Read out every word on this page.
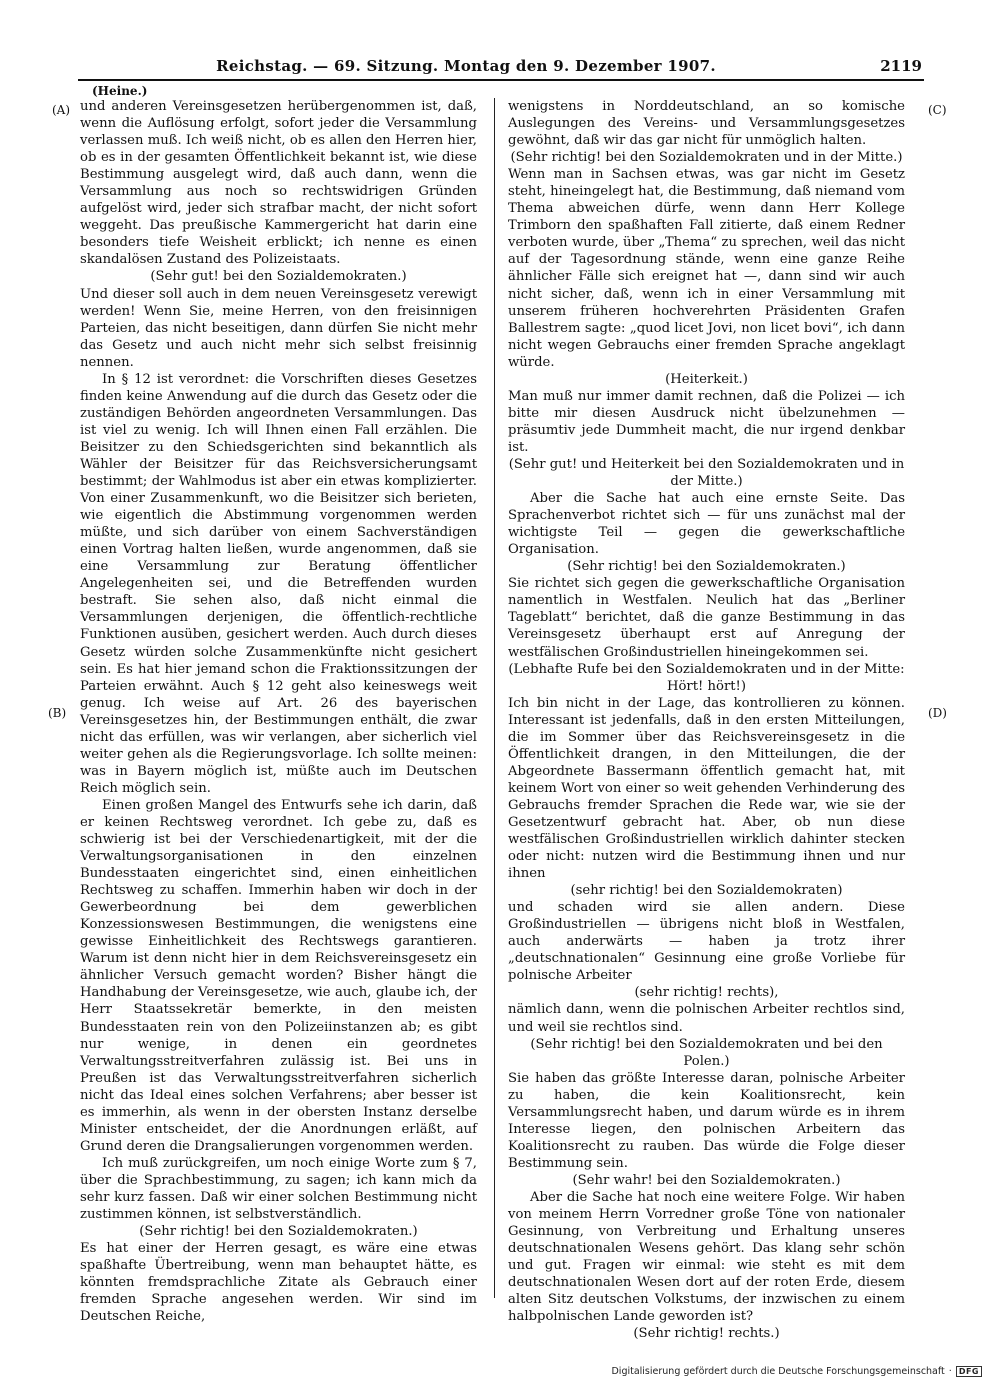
Reichstag. — 69. Sitzung. Montag den 9. Dezember 1907.	2119
(Heine.)
(A)
(B)
(C)
(D)

und anderen Vereinsgesetzen herübergenommen ist, daß, wenn die Auflösung erfolgt, sofort jeder die Versammlung verlassen muß. Ich weiß nicht, ob es allen den Herren hier, ob es in der gesamten Öffentlichkeit bekannt ist, wie diese Bestimmung ausgelegt wird, daß auch dann, wenn die Versammlung aus noch so rechtswidrigen Gründen aufgelöst wird, jeder sich strafbar macht, der nicht sofort weggeht. Das preußische Kammergericht hat darin eine besonders tiefe Weisheit erblickt; ich nenne es einen skandalösen Zustand des Polizeistaats.

(Sehr gut! bei den Sozialdemokraten.)

Und dieser soll auch in dem neuen Vereinsgesetz verewigt werden! Wenn Sie, meine Herren, von den freisinnigen Parteien, das nicht beseitigen, dann dürfen Sie nicht mehr das Gesetz und auch nicht mehr sich selbst freisinnig nennen.

In § 12 ist verordnet: die Vorschriften dieses Gesetzes finden keine Anwendung auf die durch das Gesetz oder die zuständigen Behörden angeordneten Versammlungen. Das ist viel zu wenig. Ich will Ihnen einen Fall erzählen. Die Beisitzer zu den Schiedsgerichten sind bekanntlich als Wähler der Beisitzer für das Reichsversicherungsamt bestimmt; der Wahlmodus ist aber ein etwas komplizierter. Von einer Zusammenkunft, wo die Beisitzer sich berieten, wie eigentlich die Abstimmung vorgenommen werden müßte, und sich darüber von einem Sachverständigen einen Vortrag halten ließen, wurde angenommen, daß sie eine Versammlung zur Beratung öffentlicher Angelegenheiten sei, und die Betreffenden wurden bestraft. Sie sehen also, daß nicht einmal die Versammlungen derjenigen, die öffentlich-rechtliche Funktionen ausüben, gesichert werden. Auch durch dieses Gesetz würden solche Zusammenkünfte nicht gesichert sein. Es hat hier jemand schon die Fraktionssitzungen der Parteien erwähnt. Auch § 12 geht also keineswegs weit genug. Ich weise auf Art. 26 des bayerischen Vereinsgesetzes hin, der Bestimmungen enthält, die zwar nicht das erfüllen, was wir verlangen, aber sicherlich viel weiter gehen als die Regierungsvorlage. Ich sollte meinen: was in Bayern möglich ist, müßte auch im Deutschen Reich möglich sein.

Einen großen Mangel des Entwurfs sehe ich darin, daß er keinen Rechtsweg verordnet. Ich gebe zu, daß es schwierig ist bei der Verschiedenartigkeit, mit der die Verwaltungsorganisationen in den einzelnen Bundesstaaten eingerichtet sind, einen einheitlichen Rechtsweg zu schaffen. Immerhin haben wir doch in der Gewerbeordnung bei dem gewerblichen Konzessionswesen Bestimmungen, die wenigstens eine gewisse Einheitlichkeit des Rechtswegs garantieren. Warum ist denn nicht hier in dem Reichsvereinsgesetz ein ähnlicher Versuch gemacht worden? Bisher hängt die Handhabung der Vereinsgesetze, wie auch, glaube ich, der Herr Staatssekretär bemerkte, in den meisten Bundesstaaten rein von den Polizeiinstanzen ab; es gibt nur wenige, in denen ein geordnetes Verwaltungsstreitverfahren zulässig ist. Bei uns in Preußen ist das Verwaltungsstreitverfahren sicherlich nicht das Ideal eines solchen Verfahrens; aber besser ist es immerhin, als wenn in der obersten Instanz derselbe Minister entscheidet, der die Anordnungen erläßt, auf Grund deren die Drangsalierungen vorgenommen werden.

Ich muß zurückgreifen, um noch einige Worte zum § 7, über die Sprachbestimmung, zu sagen; ich kann mich da sehr kurz fassen. Daß wir einer solchen Bestimmung nicht zustimmen können, ist selbstverständlich.

(Sehr richtig! bei den Sozialdemokraten.)

Es hat einer der Herren gesagt, es wäre eine etwas spaßhafte Übertreibung, wenn man behauptet hätte, es könnten fremdsprachliche Zitate als Gebrauch einer fremden Sprache angesehen werden. Wir sind im Deutschen Reiche,

wenigstens in Norddeutschland, an so komische Auslegungen des Vereins- und Versammlungsgesetzes gewöhnt, daß wir das gar nicht für unmöglich halten.

(Sehr richtig! bei den Sozialdemokraten und in der Mitte.)

Wenn man in Sachsen etwas, was gar nicht im Gesetz steht, hineingelegt hat, die Bestimmung, daß niemand vom Thema abweichen dürfe, wenn dann Herr Kollege Trimborn den spaßhaften Fall zitierte, daß einem Redner verboten wurde, über „Thema“ zu sprechen, weil das nicht auf der Tagesordnung stände, wenn eine ganze Reihe ähnlicher Fälle sich ereignet hat —, dann sind wir auch nicht sicher, daß, wenn ich in einer Versammlung mit unserem früheren hochverehrten Präsidenten Grafen Ballestrem sagte: „quod licet Jovi, non licet bovi“, ich dann nicht wegen Gebrauchs einer fremden Sprache angeklagt würde.

(Heiterkeit.)

Man muß nur immer damit rechnen, daß die Polizei — ich bitte mir diesen Ausdruck nicht übelzunehmen — präsumtiv jede Dummheit macht, die nur irgend denkbar ist.

(Sehr gut! und Heiterkeit bei den Sozialdemokraten und in der Mitte.)

Aber die Sache hat auch eine ernste Seite. Das Sprachenverbot richtet sich — für uns zunächst mal der wichtigste Teil — gegen die gewerkschaftliche Organisation.

(Sehr richtig! bei den Sozialdemokraten.)

Sie richtet sich gegen die gewerkschaftliche Organisation namentlich in Westfalen. Neulich hat das „Berliner Tageblatt“ berichtet, daß die ganze Bestimmung in das Vereinsgesetz überhaupt erst auf Anregung der westfälischen Großindustriellen hineingekommen sei.

(Lebhafte Rufe bei den Sozialdemokraten und in der Mitte: Hört! hört!)

Ich bin nicht in der Lage, das kontrollieren zu können. Interessant ist jedenfalls, daß in den ersten Mitteilungen, die im Sommer über das Reichsvereinsgesetz in die Öffentlichkeit drangen, in den Mitteilungen, die der Abgeordnete Bassermann öffentlich gemacht hat, mit keinem Wort von einer so weit gehenden Verhinderung des Gebrauchs fremder Sprachen die Rede war, wie sie der Gesetzentwurf gebracht hat. Aber, ob nun diese westfälischen Großindustriellen wirklich dahinter stecken oder nicht: nutzen wird die Bestimmung ihnen und nur ihnen

(sehr richtig! bei den Sozialdemokraten)

und schaden wird sie allen andern. Diese Großindustriellen — übrigens nicht bloß in Westfalen, auch anderwärts — haben ja trotz ihrer „deutschnationalen“ Gesinnung eine große Vorliebe für polnische Arbeiter

(sehr richtig! rechts),

nämlich dann, wenn die polnischen Arbeiter rechtlos sind, und weil sie rechtlos sind.

(Sehr richtig! bei den Sozialdemokraten und bei den Polen.)

Sie haben das größte Interesse daran, polnische Arbeiter zu haben, die kein Koalitionsrecht, kein Versammlungsrecht haben, und darum würde es in ihrem Interesse liegen, den polnischen Arbeitern das Koalitionsrecht zu rauben. Das würde die Folge dieser Bestimmung sein.

(Sehr wahr! bei den Sozialdemokraten.)

Aber die Sache hat noch eine weitere Folge. Wir haben von meinem Herrn Vorredner große Töne von nationaler Gesinnung, von Verbreitung und Erhaltung unseres deutschnationalen Wesens gehört. Das klang sehr schön und gut. Fragen wir einmal: wie steht es mit dem deutschnationalen Wesen dort auf der roten Erde, diesem alten Sitz deutschen Volkstums, der inzwischen zu einem halbpolnischen Lande geworden ist?

(Sehr richtig! rechts.)

Digitalisierung gefördert durch die Deutsche Forschungsgemeinschaft · DFG
